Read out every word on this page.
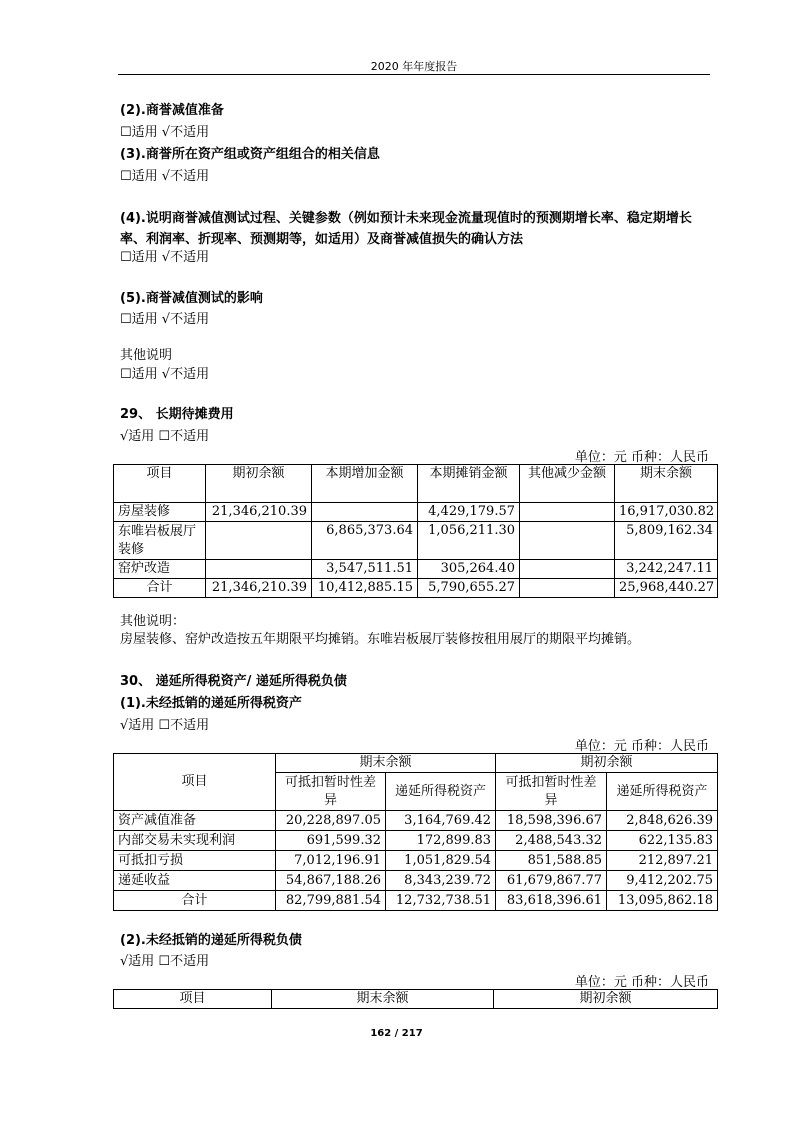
2020 年年度报告
(2).商誉减值准备
☐适用 √不适用
(3).商誉所在资产组或资产组组合的相关信息
☐适用 √不适用
(4).说明商誉减值测试过程、关键参数（例如预计未来现金流量现值时的预测期增长率、稳定期增长率、利润率、折现率、预测期等，如适用）及商誉减值损失的确认方法
☐适用 √不适用
(5).商誉减值测试的影响
☐适用 √不适用
其他说明
☐适用 √不适用
29、 长期待摊费用
√适用 ☐不适用
单位：元 币种：人民币
项目	期初余额	本期增加金额	本期摊销金额	其他减少金额	期末余额
房屋装修	21,346,210.39		4,429,179.57		16,917,030.82
东唯岩板展厅装修		6,865,373.64	1,056,211.30		5,809,162.34
窑炉改造		3,547,511.51	305,264.40		3,242,247.11
合计	21,346,210.39	10,412,885.15	5,790,655.27		25,968,440.27
其他说明：
房屋装修、窑炉改造按五年期限平均摊销。东唯岩板展厅装修按租用展厅的期限平均摊销。
30、 递延所得税资产/ 递延所得税负债
(1).未经抵销的递延所得税资产
√适用 ☐不适用
单位：元 币种：人民币
项目	期末余额		期初余额	
	可抵扣暂时性差异	递延所得税资产	可抵扣暂时性差异	递延所得税资产
资产减值准备	20,228,897.05	3,164,769.42	18,598,396.67	2,848,626.39
内部交易未实现利润	691,599.32	172,899.83	2,488,543.32	622,135.83
可抵扣亏损	7,012,196.91	1,051,829.54	851,588.85	212,897.21
递延收益	54,867,188.26	8,343,239.72	61,679,867.77	9,412,202.75
合计	82,799,881.54	12,732,738.51	83,618,396.61	13,095,862.18
(2).未经抵销的递延所得税负债
√适用 ☐不适用
单位：元 币种：人民币
项目	期末余额	期初余额
162 / 217
